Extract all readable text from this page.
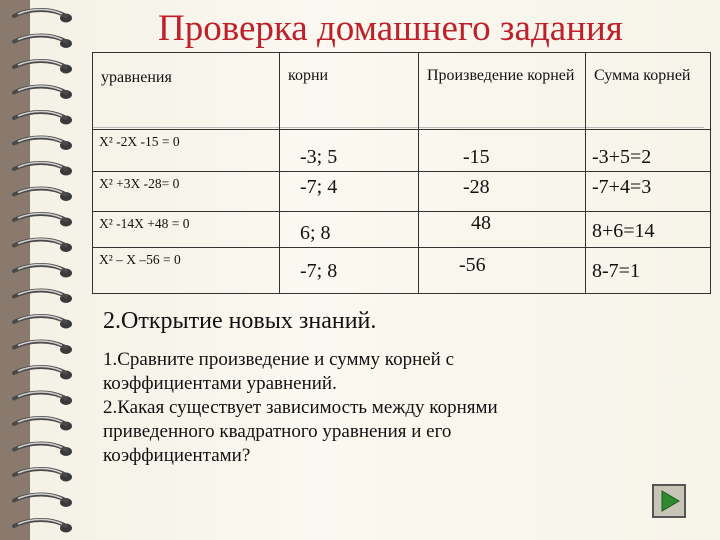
Проверка домашнего задания
уравнения	корни	Произведение корней	Сумма корней
X² -2X -15 = 0	-3; 5	-15	-3+5=2
X² +3X -28= 0	-7; 4	-28	-7+4=3
X² -14X +48 = 0	6; 8	48	8+6=14
X² – X –56 = 0	-7; 8	-56	8-7=1
2.Открытие новых знаний.
1.Сравните произведение и сумму корней с
коэффициентами уравнений.
2.Какая существует зависимость между корнями
приведенного квадратного уравнения и его
коэффициентами?
